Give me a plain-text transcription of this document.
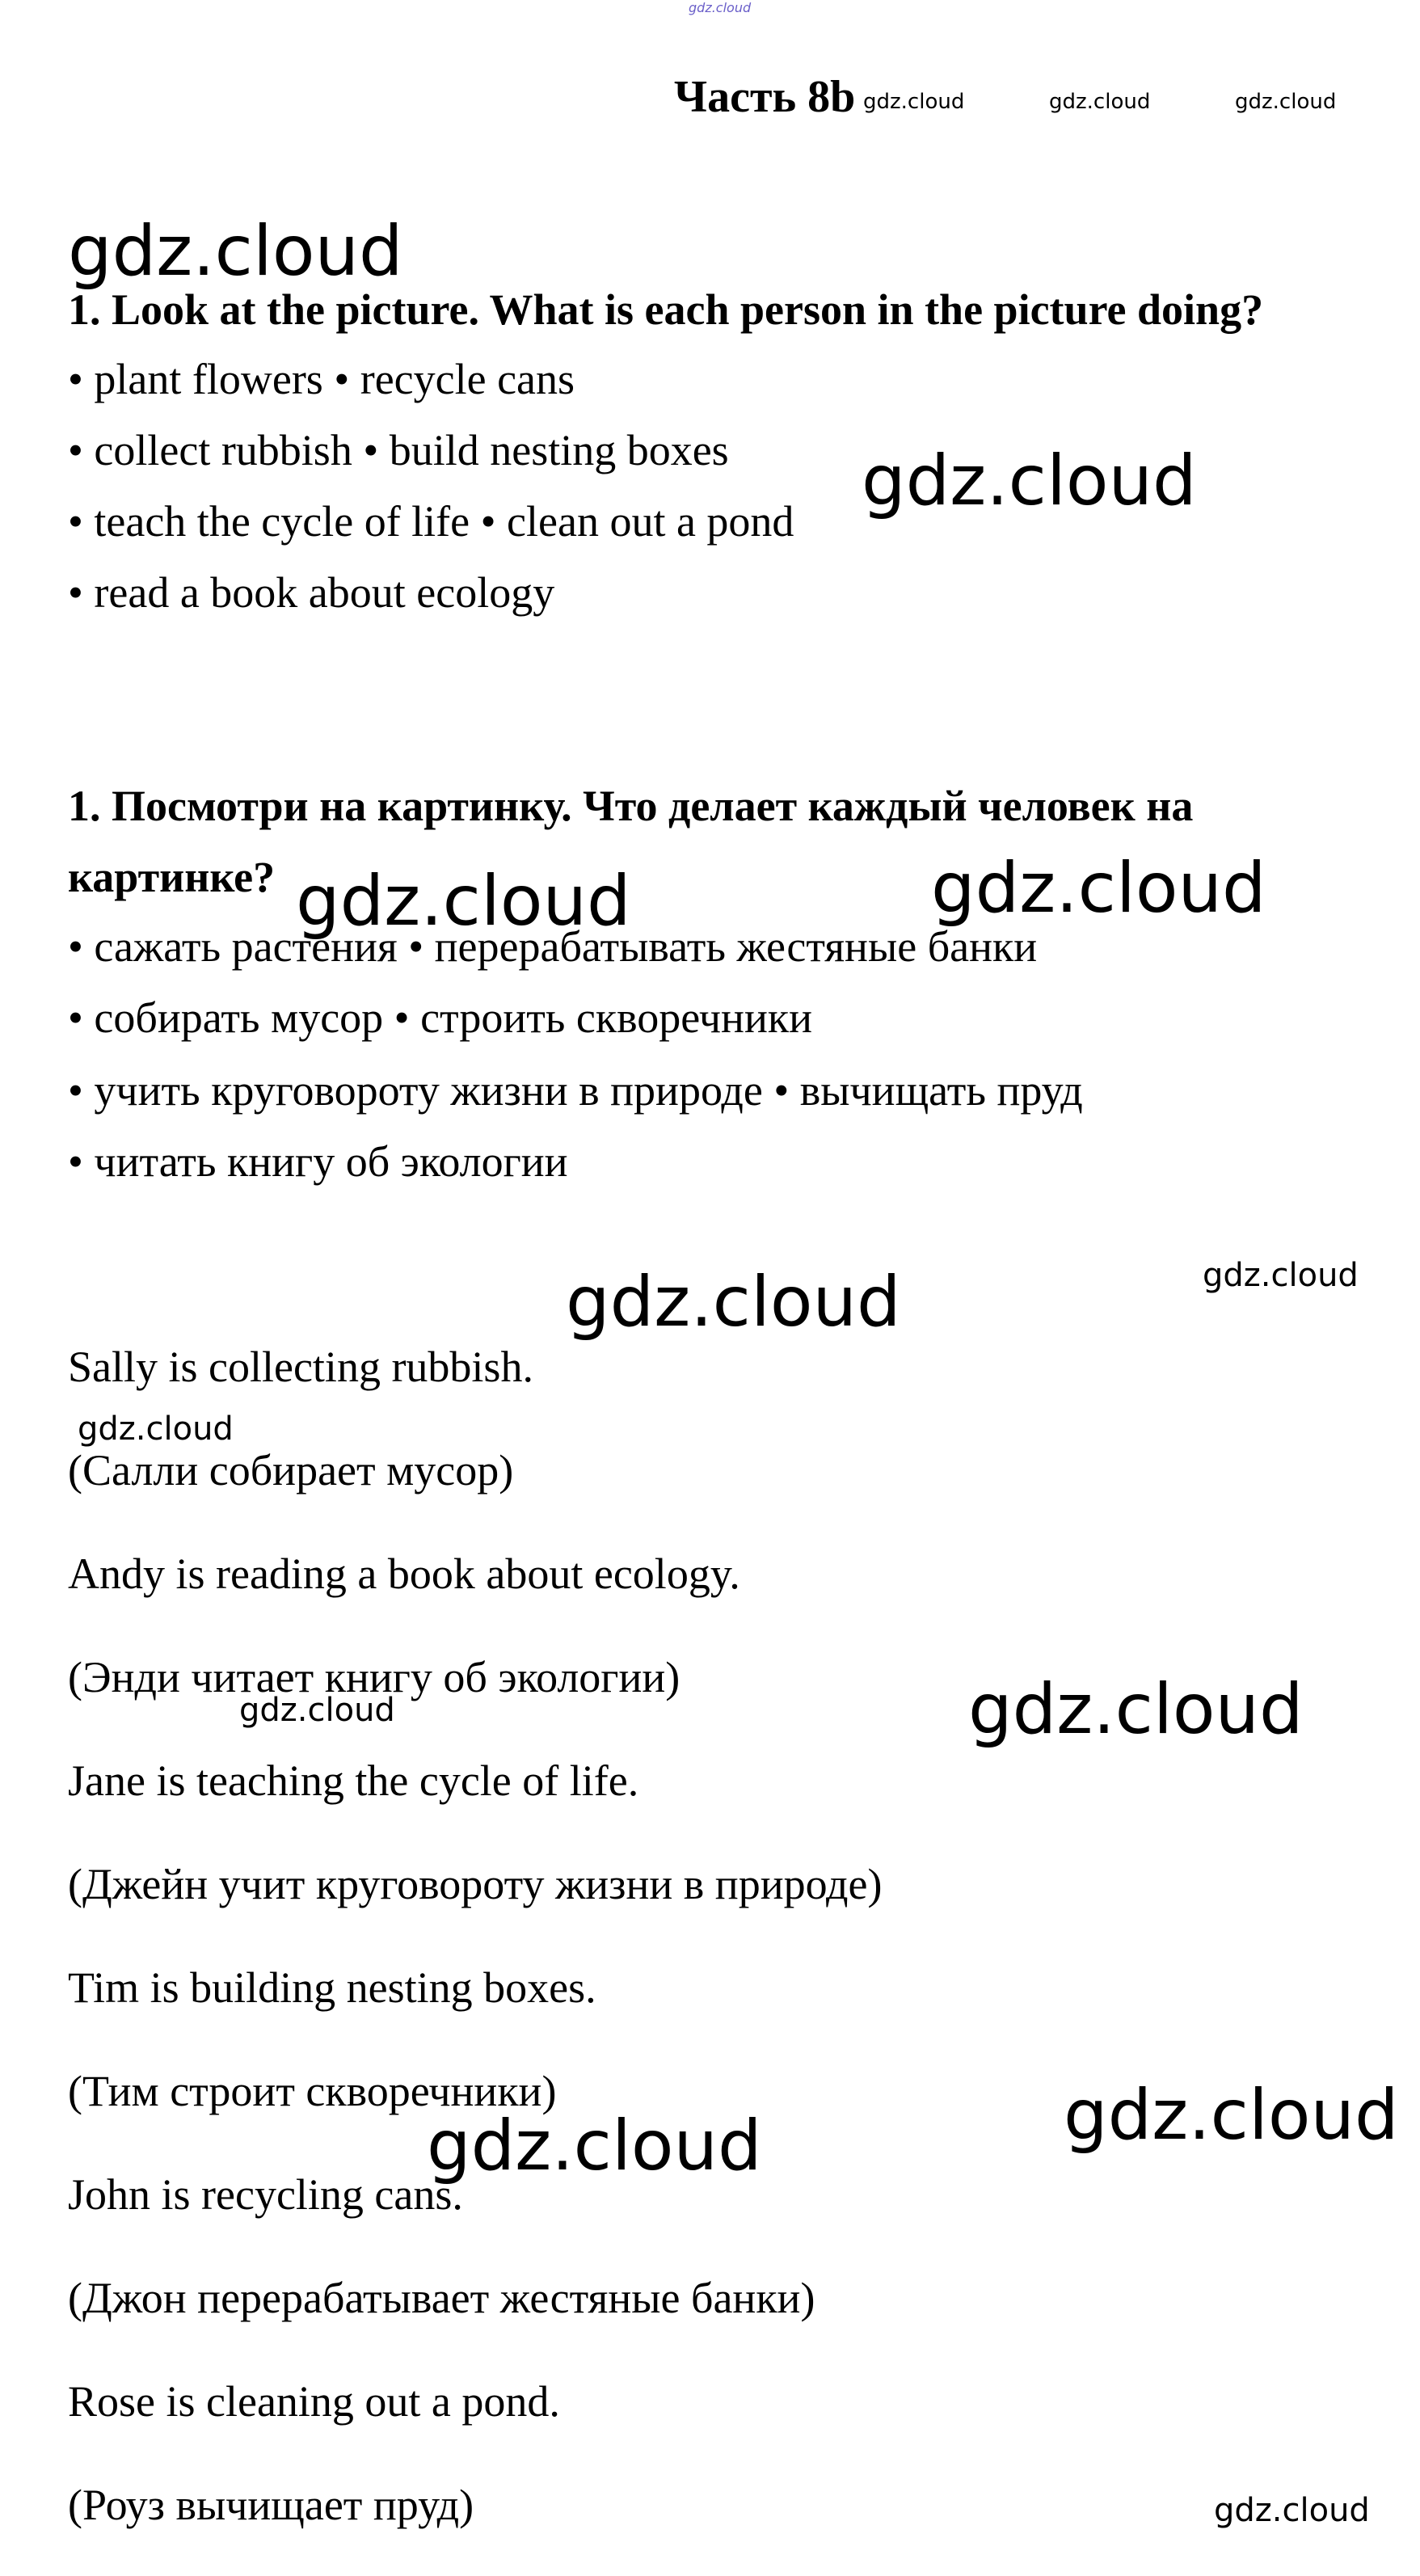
gdz.cloud
Часть 8b gdz.cloud	gdz.cloud	gdz.cloud
gdz.cloud
1. Look at the picture. What is each person in the picture doing?
• plant flowers • recycle cans
• collect rubbish • build nesting boxes
• teach the cycle of life • clean out a pond
• read a book about ecology
gdz.cloud
1. Посмотри на картинку. Что делает каждый человек на
картинке? gdz.cloud	gdz.cloud
• сажать растения • перерабатывать жестяные банки
• собирать мусор • строить скворечники
• учить круговороту жизни в природе • вычищать пруд
• читать книгу об экологии
gdz.cloud	gdz.cloud
Sally is collecting rubbish.
gdz.cloud
(Салли собирает мусор)
Andy is reading a book about ecology.
(Энди читает книгу об экологии)
gdz.cloud	gdz.cloud
Jane is teaching the cycle of life.
(Джейн учит круговороту жизни в природе)
Tim is building nesting boxes.
(Тим строит скворечники)	gdz.cloud
gdz.cloud
John is recycling cans.
(Джон перерабатывает жестяные банки)
Rose is cleaning out a pond.
(Роуз вычищает пруд)	gdz.cloud
